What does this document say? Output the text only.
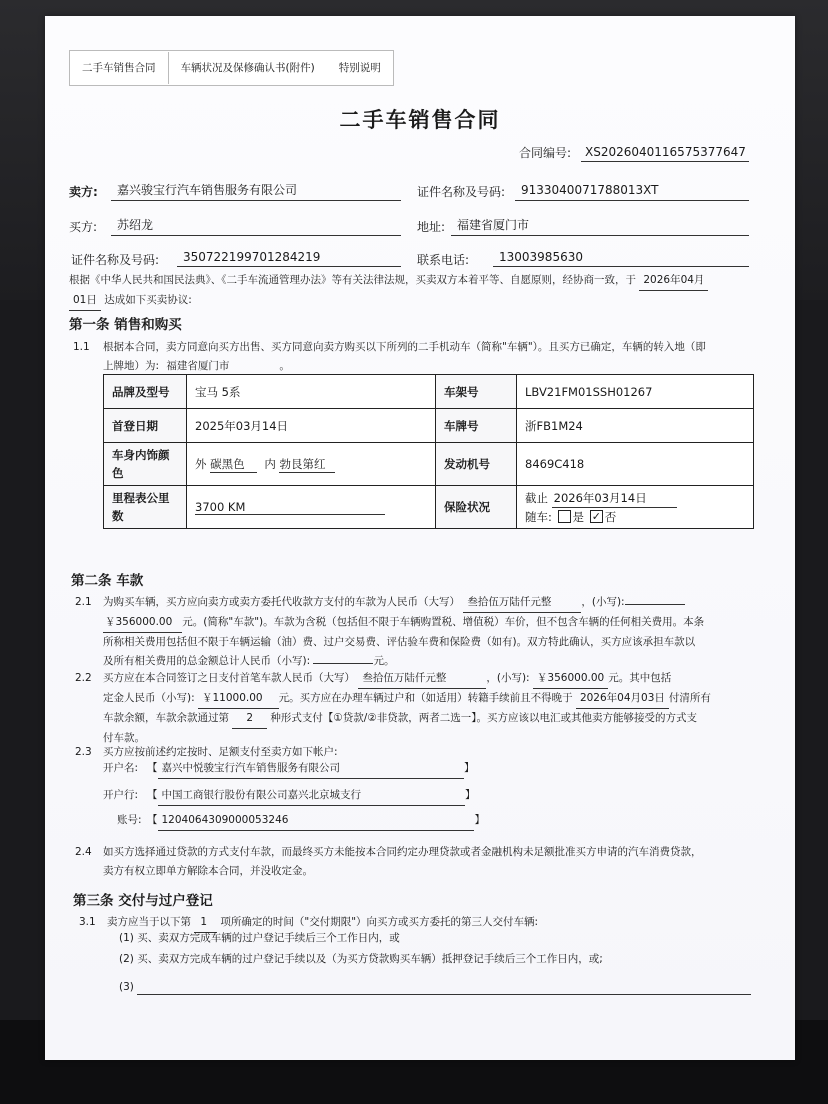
二手车销售合同	车辆状况及保修确认书(附件)	特别说明
二手车销售合同
合同编号: XS2026040116575377647
卖方: 嘉兴骏宝行汽车销售服务有限公司	证件名称及号码: 9133040071788013XT
买方: 苏绍龙	地址: 福建省厦门市
证件名称及号码: 350722199701284219	联系电话: 13003985630
根据《中华人民共和国民法典》、《二手车流通管理办法》等有关法律法规，买卖双方本着平等、自愿原则，经协商一致，于 2026年04月
01日 达成如下买卖协议:
第一条 销售和购买
1.1 根据本合同，卖方同意向买方出售、买方同意向卖方购买以下所列的二手机动车（简称"车辆"）。且买方已确定，车辆的转入地（即
上牌地）为: 福建省厦门市	。
品牌及型号	宝马 5系	车架号	LBV21FM01SSH01267
首登日期	2025年03月14日	车牌号	浙FB1M24
车身内饰颜色	外 碳黑色 内 勃艮第红	发动机号	8469C418
里程表公里数	3700 KM	保险状况	截止 2026年03月14日
随车: 是 ✓ 否
第二条 车款
2.1 为购买车辆，买方应向卖方或卖方委托代收款方支付的车款为人民币（大写） 叁拾伍万陆仟元整	，(小写):
￥356000.00 元。(简称"车款")。车款为含税（包括但不限于车辆购置税、增值税）车价，但不包含车辆的任何相关费用。本条
所称相关费用包括但不限于车辆运输（油）费、过户交易费、评估验车费和保险费（如有)。双方特此确认，买方应该承担车款以
及所有相关费用的总金额总计人民币（小写):	元。
2.2 买方应在本合同签订之日支付首笔车款人民币（大写） 叁拾伍万陆仟元整	，(小写): ￥356000.00 元。其中包括
定金人民币（小写): ￥11000.00 元。买方应在办理车辆过户和（如适用）转籍手续前且不得晚于 2026年04月03日 付清所有
车款余额，车款余款通过第 2 种形式支付【①贷款/②非贷款，两者二选一】。买方应该以电汇或其他卖方能够接受的方式支
付车款。
2.3 买方应按前述约定按时、足额支付至卖方如下帐户:
开户名: 【 嘉兴中悦骏宝行汽车销售服务有限公司	】
开户行: 【 中国工商银行股份有限公司嘉兴北京城支行	】
账号: 【 1204064309000053246	】
2.4 如买方选择通过贷款的方式支付车款，而最终买方未能按本合同约定办理贷款或者金融机构未足额批准买方申请的汽车消费贷款，
卖方有权立即单方解除本合同，并没收定金。
第三条 交付与过户登记
3.1 卖方应当于以下第 1 项所确定的时间（"交付期限"）向买方或买方委托的第三人交付车辆:
(1) 买、卖双方完成车辆的过户登记手续后三个工作日内，或
(2) 买、卖双方完成车辆的过户登记手续以及（为买方贷款购买车辆）抵押登记手续后三个工作日内，或;
(3)
